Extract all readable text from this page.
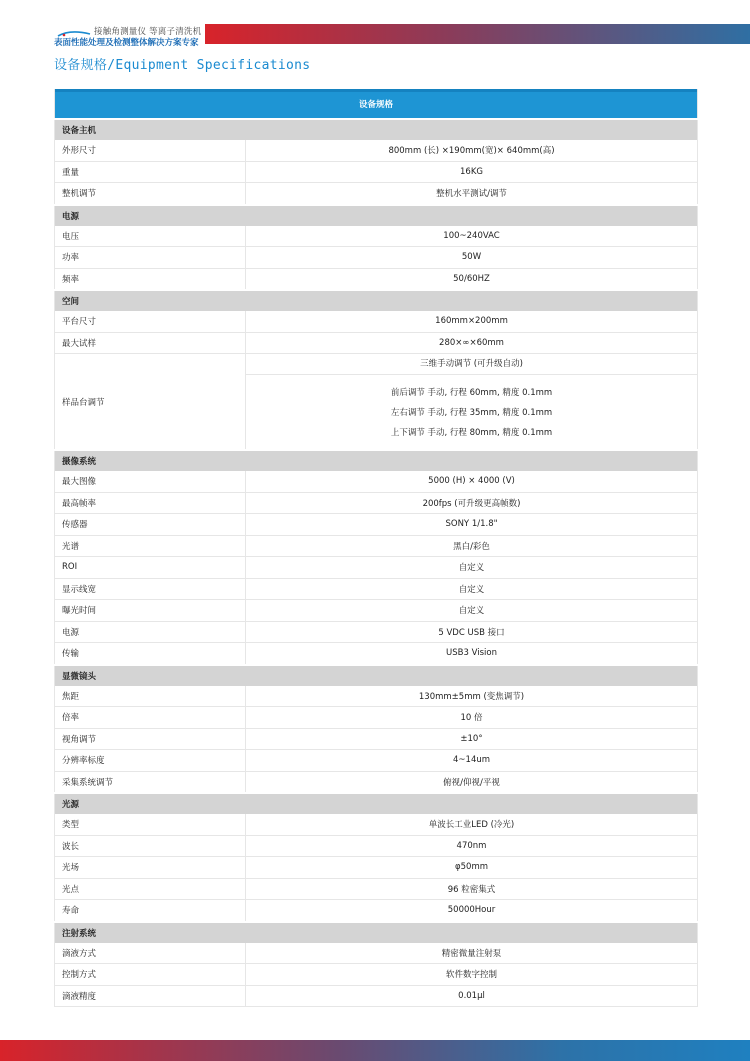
接触角测量仪 等离子清洗机
表面性能处理及检测整体解决方案专家
设备规格/Equipment Specifications
设备规格	
设备主机	
外形尺寸	800mm (长) ×190mm(宽)× 640mm(高)
重量	16KG
整机调节	整机水平测试/调节
电源	
电压	100~240VAC
功率	50W
频率	50/60HZ
空间	
平台尺寸	160mm×200mm
最大试样	280×∞×60mm
样品台调节	三维手动调节 (可升级自动)
前后调节 手动, 行程 60mm, 精度 0.1mm
左右调节 手动, 行程 35mm, 精度 0.1mm
上下调节 手动, 行程 80mm, 精度 0.1mm

摄像系统	
最大图像	5000 (H) × 4000 (V)
最高帧率	200fps (可升级更高帧数)
传感器	SONY 1/1.8"
光谱	黑白/彩色
ROI	自定义
显示线宽	自定义
曝光时间	自定义
电源	5 VDC USB 接口
传输	USB3 Vision
显微镜头	
焦距	130mm±5mm (变焦调节)
倍率	10 倍
视角调节	±10°
分辨率标度	4~14um
采集系统调节	俯视/仰视/平视
光源	
类型	单波长工业LED (冷光)
波长	470nm
光场	φ50mm
光点	96 粒密集式
寿命	50000Hour
注射系统	
滴液方式	精密微量注射泵
控制方式	软件数字控制
滴液精度	0.01μl
